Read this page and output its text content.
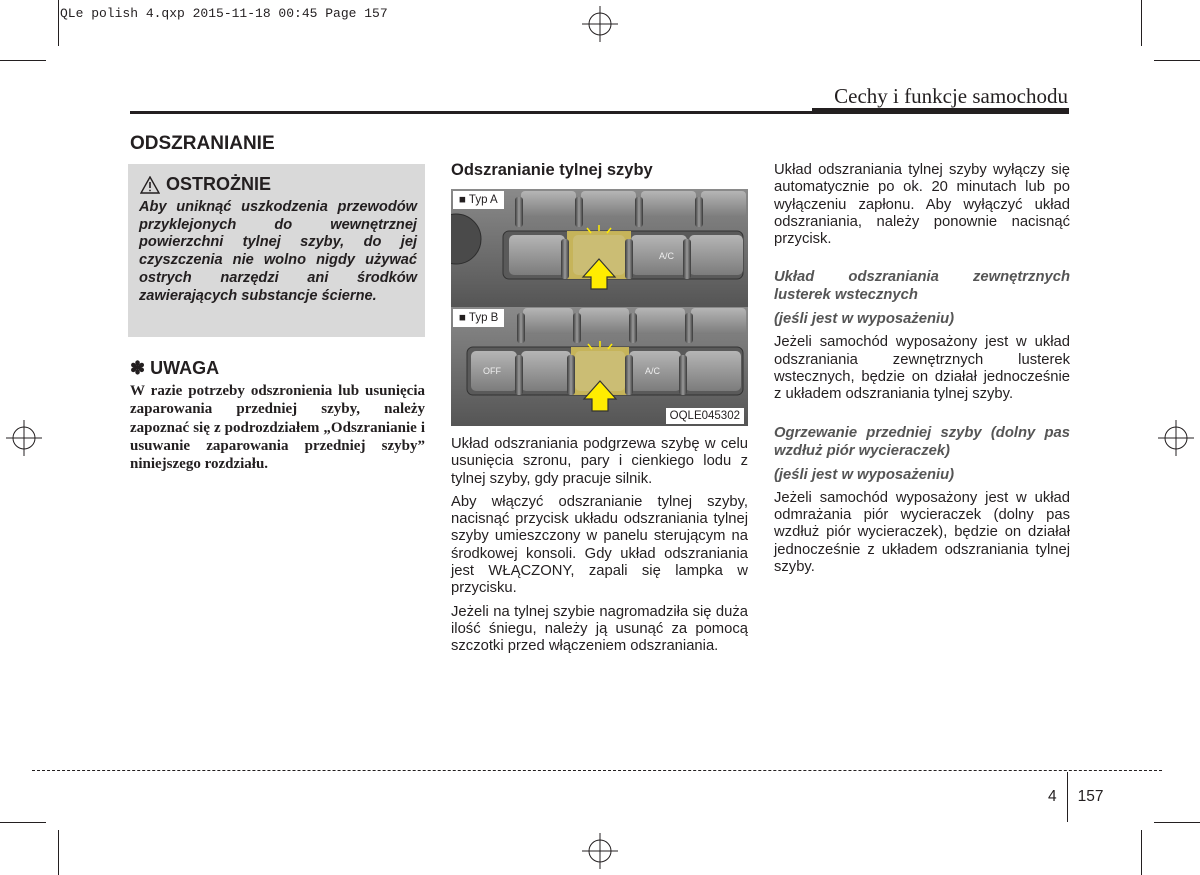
QLe polish 4.qxp 2015-11-18 00:45 Page 157
Cechy i funkcje samochodu
ODSZRANIANIE
OSTROŻNIE
Aby uniknąć uszkodzenia przewodów przyklejonych do wewnętrznej powierzchni tylnej szyby, do jej czyszczenia nie wolno nigdy używać ostrych narzędzi ani środków zawierających substancje ścierne.
✽ UWAGA
W razie potrzeby odszronienia lub usunięcia zaparowania przedniej szyby, należy zapoznać się z podrozdziałem „Odszranianie i usuwanie zaparowania przedniej szyby” niniejszego rozdziału.
Odszranianie tylnej szyby
A/C
OFF	A/C
■ Typ A
■ Typ B
OQLE045302

Układ odszraniania podgrzewa szybę w celu usunięcia szronu, pary i cienkiego lodu z tylnej szyby, gdy pracuje silnik.

Aby włączyć odszranianie tylnej szyby, nacisnąć przycisk układu odszraniania tylnej szyby umieszczony w panelu sterującym na środkowej konsoli. Gdy układ odszraniania jest WŁĄCZONY, zapali się lampka w przycisku.

Jeżeli na tylnej szybie nagromadziła się duża ilość śniegu, należy ją usunąć za pomocą szczotki przed włączeniem odszraniania.

Układ odszraniania tylnej szyby wyłączy się automatycznie po ok. 20 minutach lub po wyłączeniu zapłonu. Aby wyłączyć układ odszraniania, należy ponownie nacisnąć przycisk.

Układ odszraniania zewnętrznych lusterek wstecznych

(jeśli jest w wyposażeniu)

Jeżeli samochód wyposażony jest w układ odszraniania zewnętrznych lusterek wstecznych, będzie on działał jednocześnie z układem odszraniania tylnej szyby.

Ogrzewanie przedniej szyby (dolny pas wzdłuż piór wycieraczek)

(jeśli jest w wyposażeniu)

Jeżeli samochód wyposażony jest w układ odmrażania piór wycieraczek (dolny pas wzdłuż piór wycieraczek), będzie on działał jednocześnie z układem odszraniania tylnej szyby.

4 157
